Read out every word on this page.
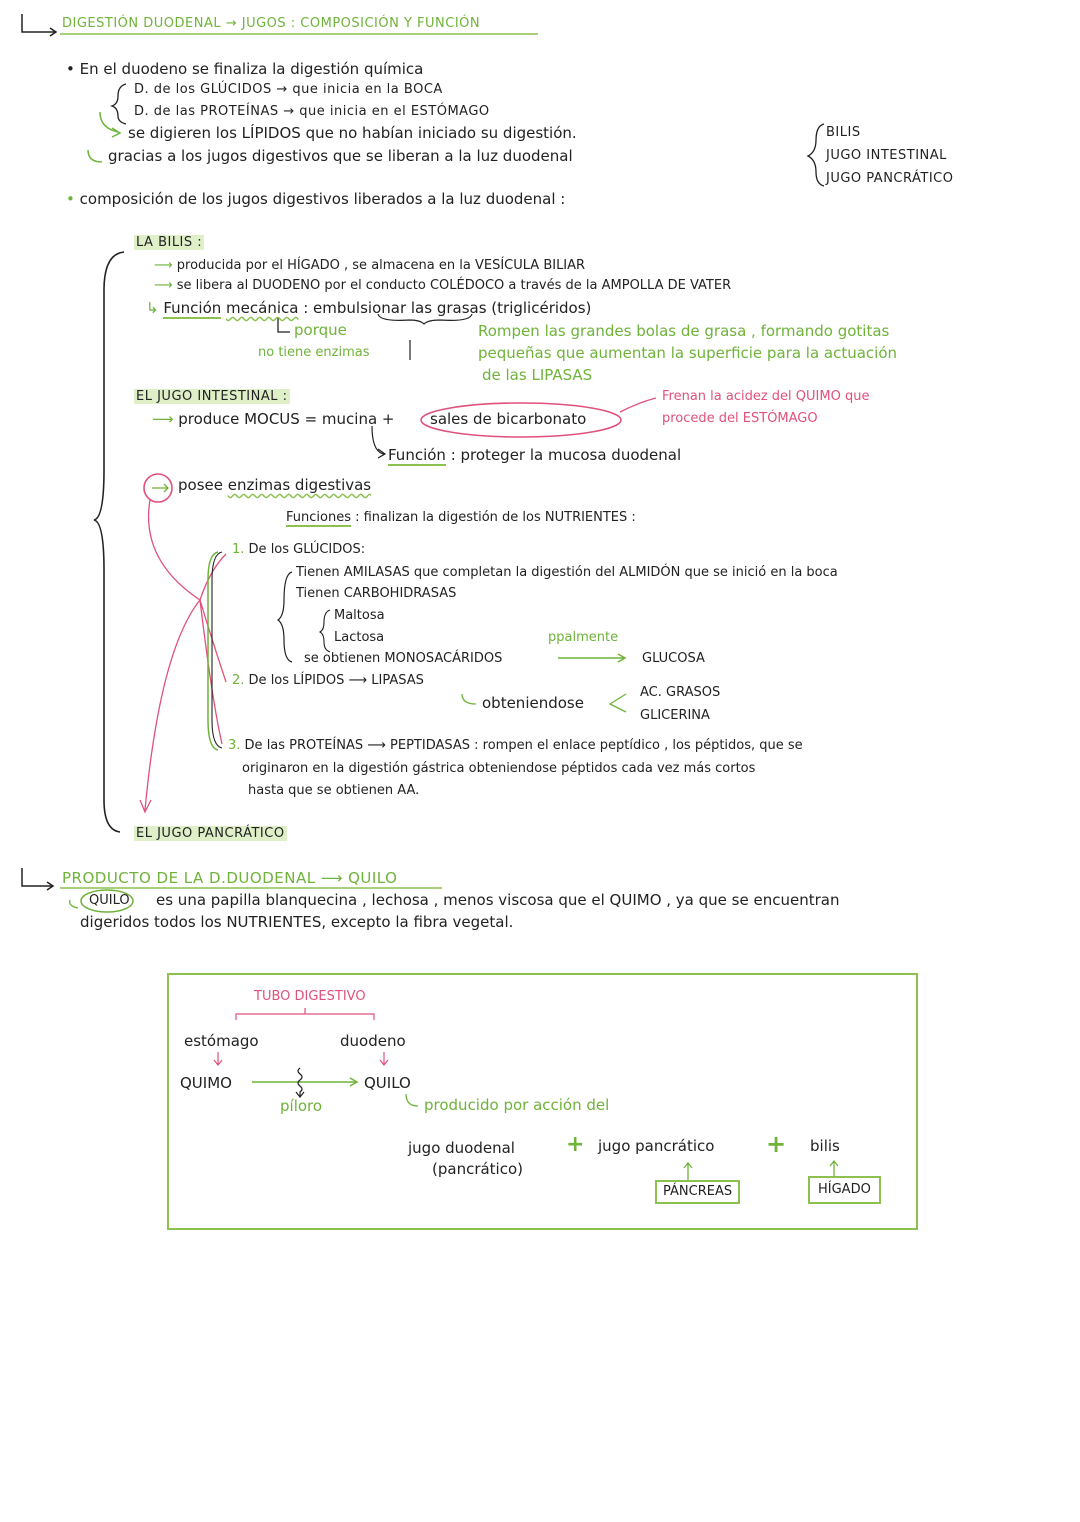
DIGESTIÓN DUODENAL → JUGOS : COMPOSICIÓN Y FUNCIÓN
• En el duodeno se finaliza la digestión química
D. de los GLÚCIDOS → que inicia en la BOCA
D. de las PROTEÍNAS → que inicia en el ESTÓMAGO
se digieren los LÍPIDOS que no habían iniciado su digestión.
gracias a los jugos digestivos que se liberan a la luz duodenal
BILIS
JUGO INTESTINAL
JUGO PANCRÁTICO
• composición de los jugos digestivos liberados a la luz duodenal :
LA BILIS :
⟶ producida por el HÍGADO , se almacena en la VESÍCULA BILIAR
⟶ se libera al DUODENO por el conducto COLÉDOCO a través de la AMPOLLA DE VATER
↳ Función mecánica : embulsionar las grasas (triglicéridos)
porque
no tiene enzimas
Rompen las grandes bolas de grasa , formando gotitas
pequeñas que aumentan la superficie para la actuación
de las LIPASAS
EL JUGO INTESTINAL :
⟶ produce MOCUS = mucina + sales de bicarbonato
Frenan la acidez del QUIMO que
procede del ESTÓMAGO
Función : proteger la mucosa duodenal
posee enzimas digestivas
Funciones : finalizan la digestión de los NUTRIENTES :
1. De los GLÚCIDOS:
Tienen AMILASAS que completan la digestión del ALMIDÓN que se inició en la boca
Tienen CARBOHIDRASAS
Maltosa
Lactosa	ppalmente
se obtienen MONOSACÁRIDOS	GLUCOSA
2. De los LÍPIDOS ⟶ LIPASAS
obteniendose
AC. GRASOS
GLICERINA
3. De las PROTEÍNAS ⟶ PEPTIDASAS : rompen el enlace peptídico , los péptidos, que se
originaron en la digestión gástrica obteniendose péptidos cada vez más cortos
hasta que se obtienen AA.
EL JUGO PANCRÁTICO
PRODUCTO DE LA D.DUODENAL ⟶ QUILO
QUILO es una papilla blanquecina , lechosa , menos viscosa que el QUIMO , ya que se encuentran
digeridos todos los NUTRIENTES, excepto la fibra vegetal.
TUBO DIGESTIVO
estómago	duodeno
QUIMO	QUILO
píloro	producido por acción del
jugo duodenal
(pancrático)
+ jugo pancrático + bilis
PÁNCREAS	HÍGADO
